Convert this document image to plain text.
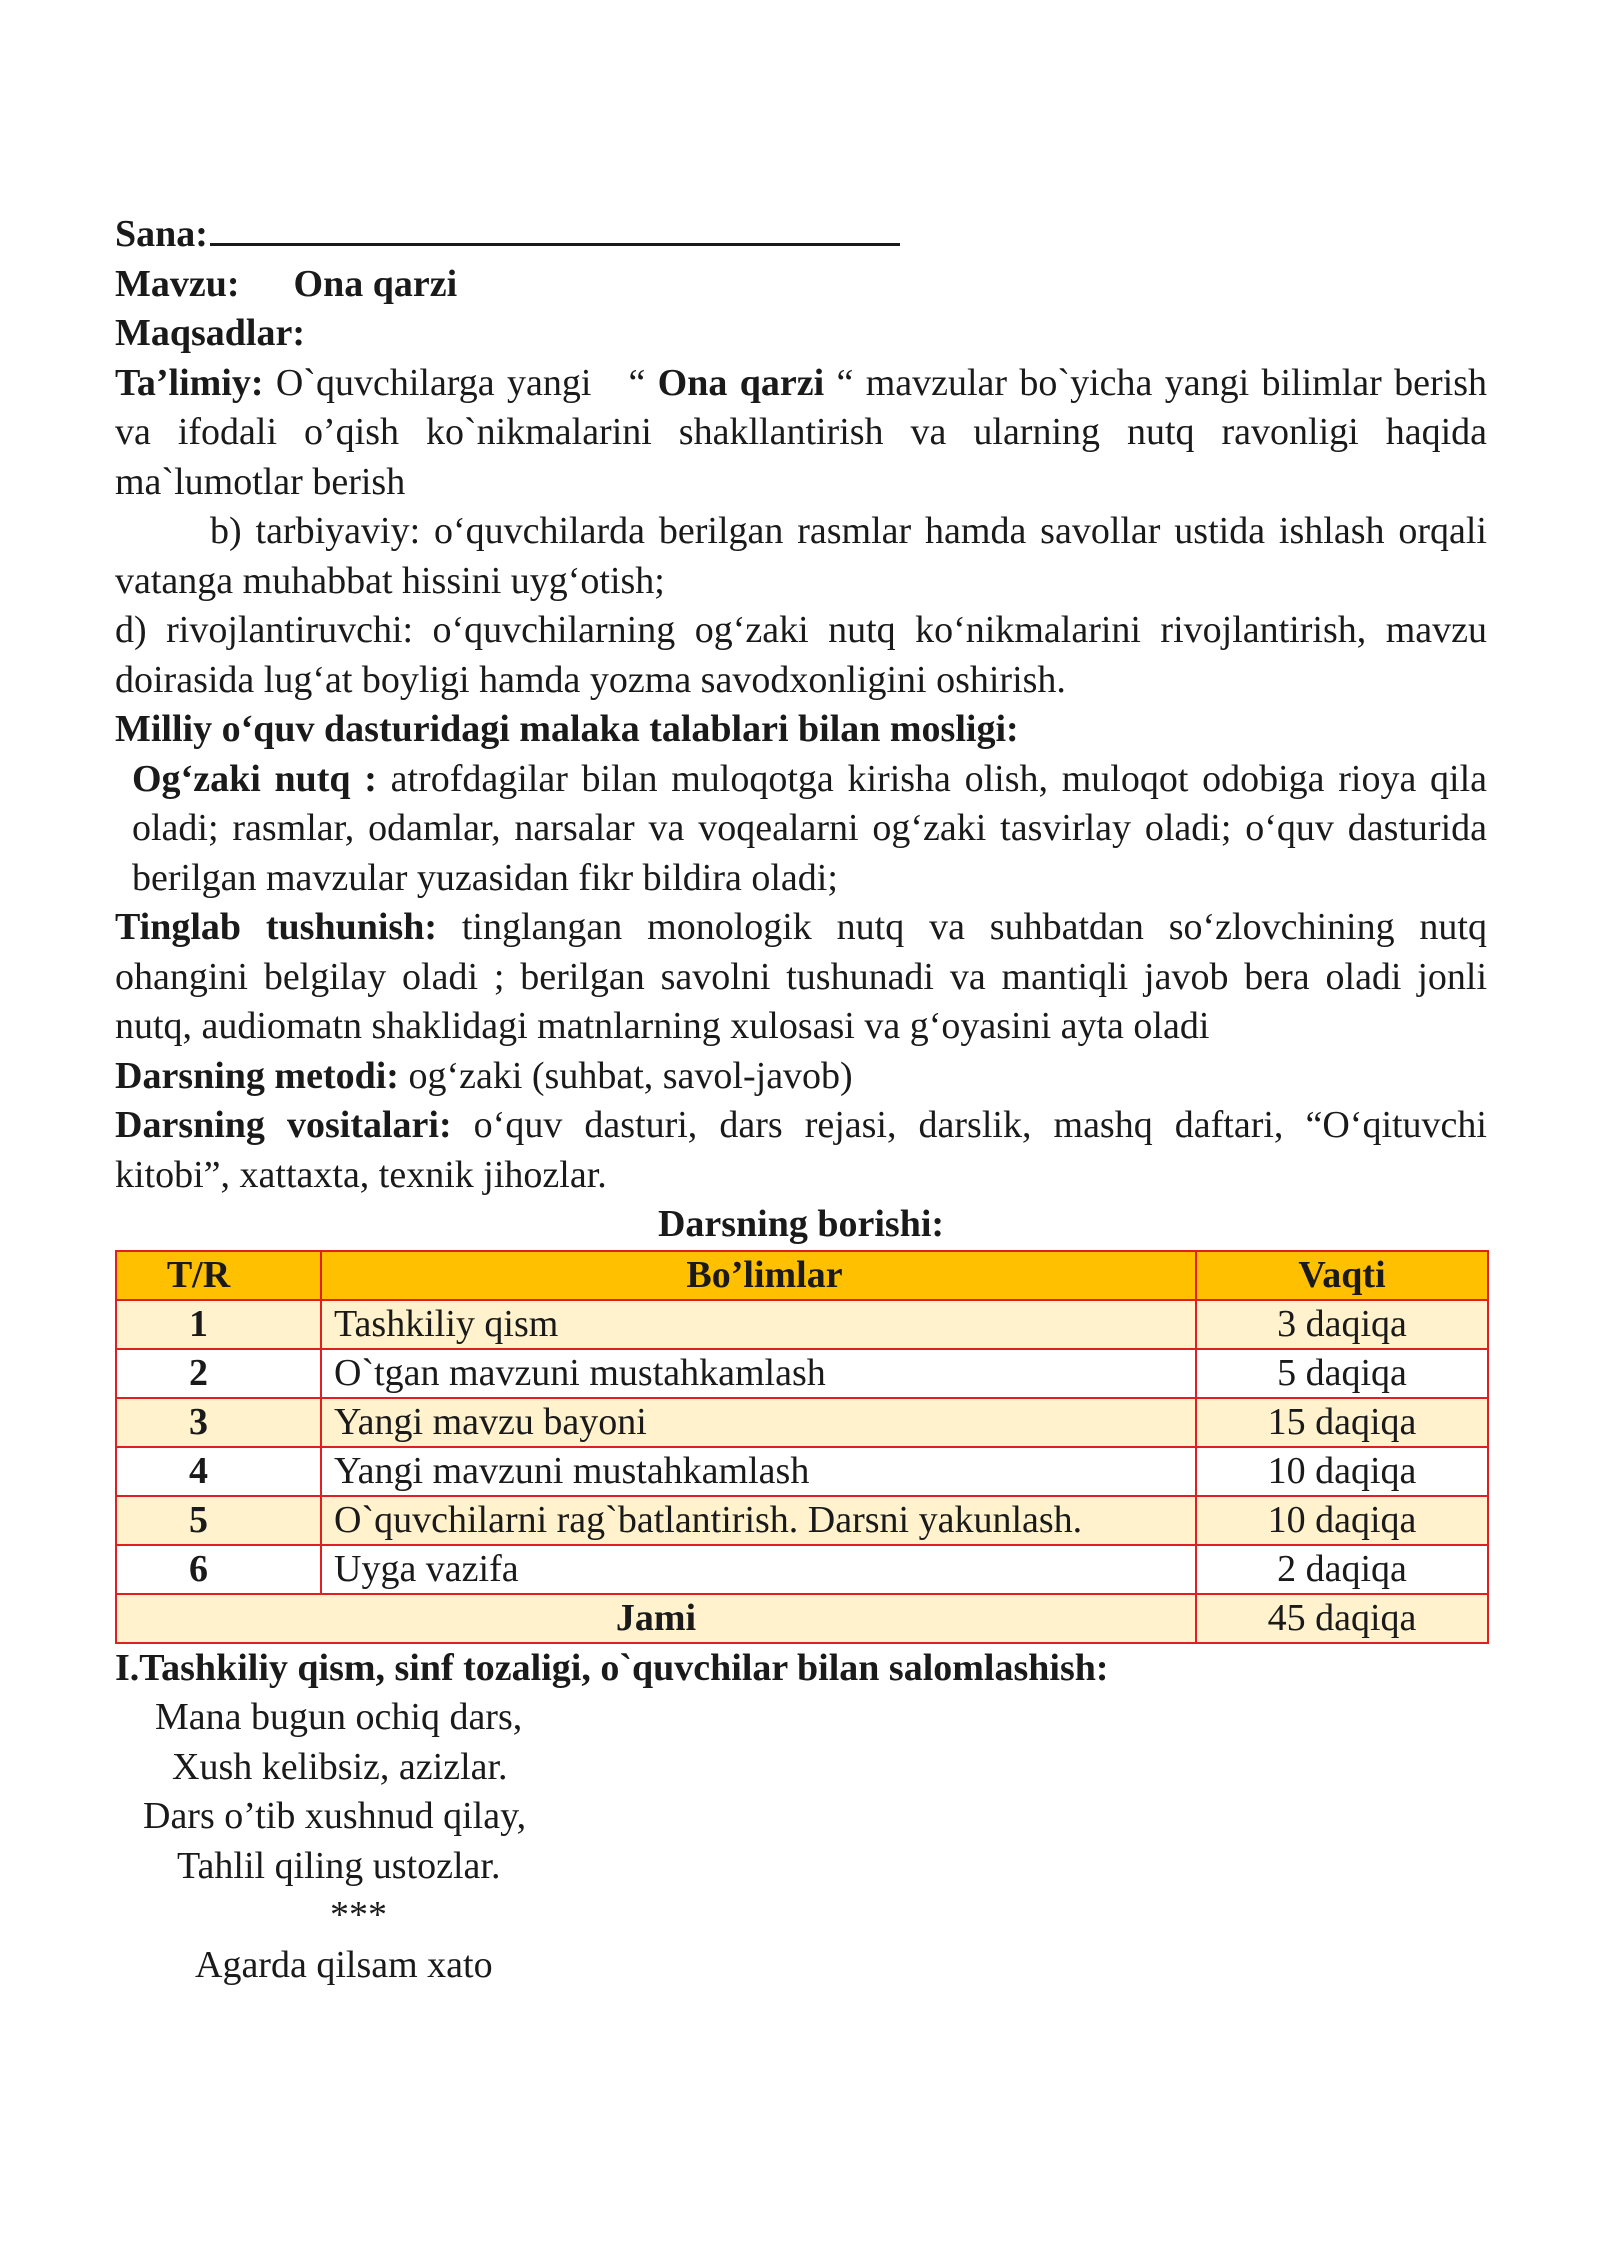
Sana:

Mavzu: Ona qarzi

Maqsadlar:

Ta’limiy: O`quvchilarga yangi   “ Ona qarzi “ mavzular bo`yicha yangi bilimlar berish va ifodali o’qish ko`nikmalarini shakllantirish va ularning nutq ravonligi haqida ma`lumotlar berish

b) tarbiyaviy: o‘quvchilarda berilgan rasmlar hamda savollar ustida ishlash orqali vatanga muhabbat hissini uyg‘otish;

d) rivojlantiruvchi: o‘quvchilarning og‘zaki nutq ko‘nikmalarini rivojlantirish, mavzu doirasida lug‘at boyligi hamda yozma savodxonligini oshirish.

Milliy o‘quv dasturidagi malaka talablari bilan mosligi:

Og‘zaki nutq : atrofdagilar bilan muloqotga kirisha olish, muloqot odobiga rioya qila oladi; rasmlar, odamlar, narsalar va voqealarni og‘zaki tasvirlay oladi; o‘quv dasturida berilgan mavzular yuzasidan fikr bildira oladi;

Tinglab tushunish: tinglangan monologik nutq va suhbatdan so‘zlovchining nutq ohangini belgilay oladi ; berilgan savolni tushunadi va mantiqli javob bera oladi jonli nutq, audiomatn shaklidagi matnlarning xulosasi va g‘oyasini ayta oladi

Darsning metodi: og‘zaki (suhbat, savol-javob)

Darsning vositalari: o‘quv dasturi, dars rejasi, darslik, mashq daftari, “O‘qituvchi kitobi”, xattaxta, texnik jihozlar.

Darsning borishi:

T/R	Bo’limlar	Vaqti
1	Tashkiliy qism	3 daqiqa
2	O`tgan mavzuni mustahkamlash	5 daqiqa
3	Yangi mavzu bayoni	15 daqiqa
4	Yangi mavzuni mustahkamlash	10 daqiqa
5	O`quvchilarni rag`batlantirish. Darsni yakunlash.	10 daqiqa
6	Uyga vazifa	2 daqiqa
Jami		45 daqiqa

I.Tashkiliy qism, sinf tozaligi, o`quvchilar bilan salomlashish:

Mana bugun ochiq dars,

Xush kelibsiz, azizlar.

Dars o’tib xushnud qilay,

Tahlil qiling ustozlar.

***

Agarda qilsam xato
